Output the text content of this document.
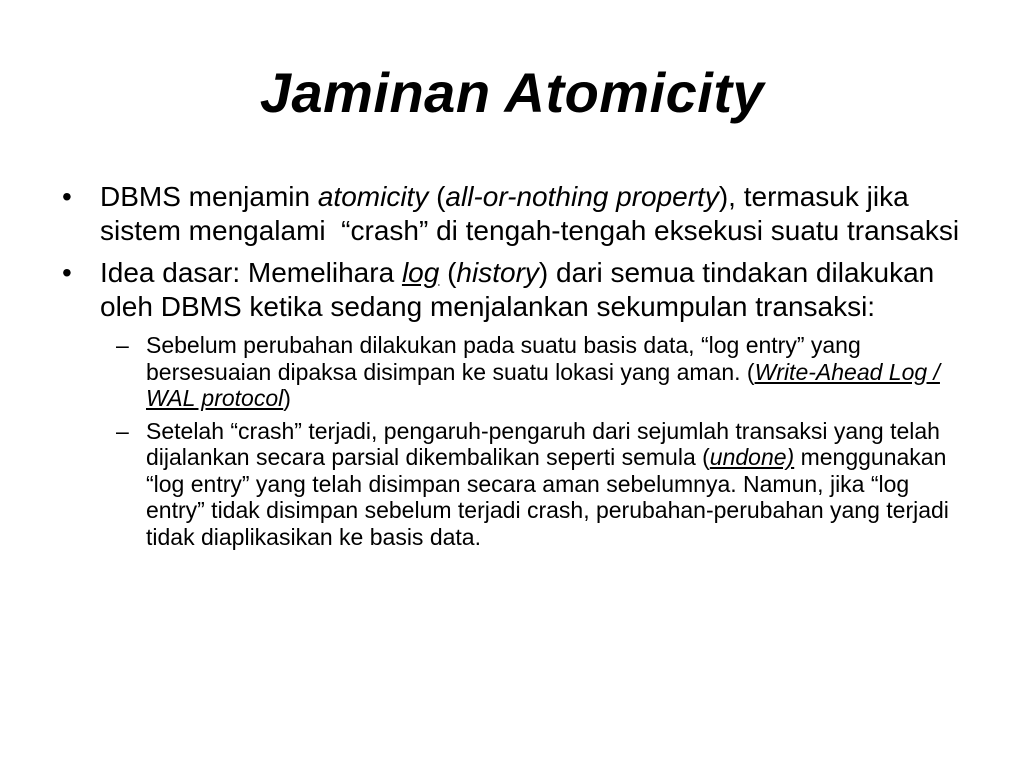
Jaminan Atomicity
• DBMS menjamin atomicity (all-or-nothing property), termasuk jika sistem mengalami  “crash” di tengah-tengah eksekusi suatu transaksi
• Idea dasar: Memelihara log (history) dari semua tindakan dilakukan oleh DBMS ketika sedang menjalankan sekumpulan transaksi:
– Sebelum perubahan dilakukan pada suatu basis data, “log entry” yang bersesuaian dipaksa disimpan ke suatu lokasi yang aman. (Write-Ahead Log / WAL protocol)
– Setelah “crash” terjadi, pengaruh-pengaruh dari sejumlah transaksi yang telah dijalankan secara parsial dikembalikan seperti semula (undone) menggunakan “log entry” yang telah disimpan secara aman sebelumnya. Namun, jika “log entry” tidak disimpan sebelum terjadi crash, perubahan-perubahan yang terjadi tidak diaplikasikan ke basis data.
